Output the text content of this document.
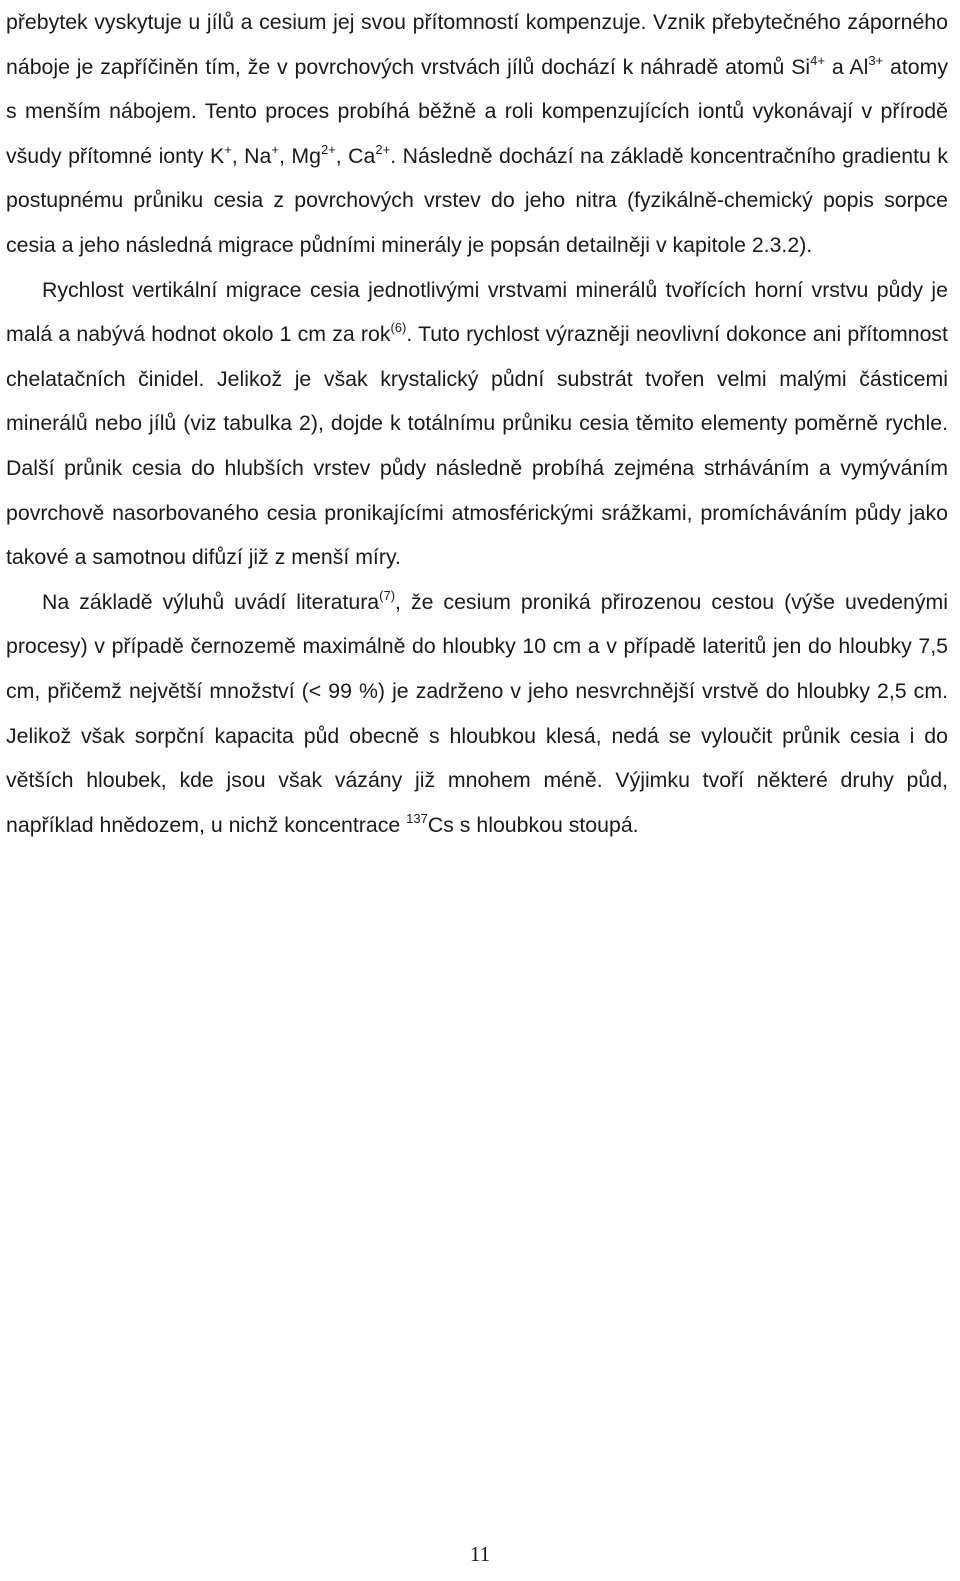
přebytek vyskytuje u jílů a cesium jej svou přítomností kompenzuje. Vznik přebytečného záporného náboje je zapříčiněn tím, že v povrchových vrstvách jílů dochází k náhradě atomů $Si^{4+}$ a $Al^{3+}$ atomy s menším nábojem. Tento proces probíhá běžně a roli kompenzujících iontů vykonávají v přírodě všudy přítomné ionty K+, Na+, $Mg^{2+}$, $Ca^{2+}$. Následně dochází na základě koncentračního gradientu k postupnému průniku cesia z povrchových vrstev do jeho nitra (fyzikálně-chemický popis sorpce cesia a jeho následná migrace půdními minerály je popsán detailněji v kapitole 2.3.2).

Rychlost vertikální migrace cesia jednotlivými vrstvami minerálů tvořících horní vrstvu půdy je malá a nabývá hodnot okolo 1 cm za rok$^{(6)}$. Tuto rychlost výrazněji neovlivní dokonce ani přítomnost chelatačních činidel. Jelikož je však krystalický půdní substrát tvořen velmi malými částicemi minerálů nebo jílů (viz tabulka 2), dojde k totálnímu průniku cesia těmito elementy poměrně rychle. Další průnik cesia do hlubších vrstev půdy následně probíhá zejména strháváním a vymýváním povrchově nasorbovaného cesia pronikajícími atmosférickými srážkami, promícháváním půdy jako takové a samotnou difůzí již z menší míry.

Na základě výluhů uvádí literatura$^{(7)}$, že cesium proniká přirozenou cestou (výše uvedenými procesy) v případě černozemě maximálně do hloubky 10 cm a v případě lateritů jen do hloubky 7,5 cm, přičemž největší množství (< 99 %) je zadrženo v jeho nesvrchnější vrstvě do hloubky 2,5 cm. Jelikož však sorpční kapacita půd obecně s hloubkou klesá, nedá se vyloučit průnik cesia i do větších hloubek, kde jsou však vázány již mnohem méně. Výjimku tvoří některé druhy půd, například hnědozem, u nichž koncentrace $^{137}$Cs s hloubkou stoupá.

11
